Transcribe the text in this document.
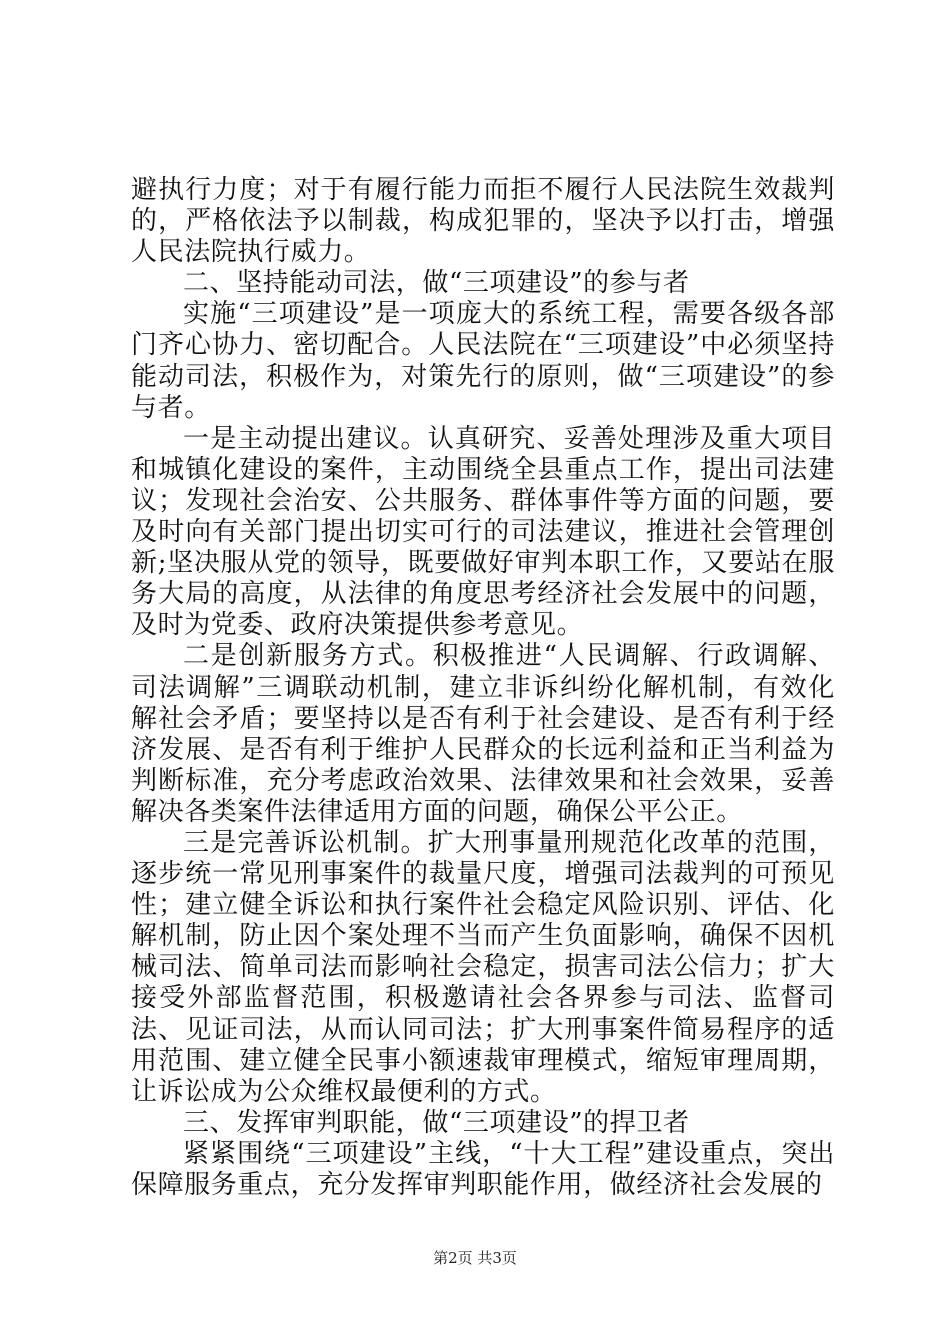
避执行力度；对于有履行能力而拒不履行人民法院生效裁判的，严格依法予以制裁，构成犯罪的，坚决予以打击，增强人民法院执行威力。

二、坚持能动司法，做“三项建设”的参与者

实施“三项建设”是一项庞大的系统工程，需要各级各部门齐心协力、密切配合。人民法院在“三项建设”中必须坚持能动司法，积极作为，对策先行的原则，做“三项建设”的参与者。

一是主动提出建议。认真研究、妥善处理涉及重大项目和城镇化建设的案件，主动围绕全县重点工作，提出司法建议；发现社会治安、公共服务、群体事件等方面的问题，要及时向有关部门提出切实可行的司法建议，推进社会管理创新;坚决服从党的领导，既要做好审判本职工作，又要站在服务大局的高度，从法律的角度思考经济社会发展中的问题，及时为党委、政府决策提供参考意见。

二是创新服务方式。积极推进“人民调解、行政调解、司法调解”三调联动机制，建立非诉纠纷化解机制，有效化解社会矛盾；要坚持以是否有利于社会建设、是否有利于经济发展、是否有利于维护人民群众的长远利益和正当利益为判断标准，充分考虑政治效果、法律效果和社会效果，妥善解决各类案件法律适用方面的问题，确保公平公正。

三是完善诉讼机制。扩大刑事量刑规范化改革的范围，逐步统一常见刑事案件的裁量尺度，增强司法裁判的可预见性；建立健全诉讼和执行案件社会稳定风险识别、评估、化解机制，防止因个案处理不当而产生负面影响，确保不因机械司法、简单司法而影响社会稳定，损害司法公信力；扩大接受外部监督范围，积极邀请社会各界参与司法、监督司法、见证司法，从而认同司法；扩大刑事案件简易程序的适用范围、建立健全民事小额速裁审理模式，缩短审理周期，让诉讼成为公众维权最便利的方式。

三、发挥审判职能，做“三项建设”的捍卫者

紧紧围绕“三项建设”主线，“十大工程”建设重点，突出保障服务重点，充分发挥审判职能作用，做经济社会发展的

第2页 共3页
